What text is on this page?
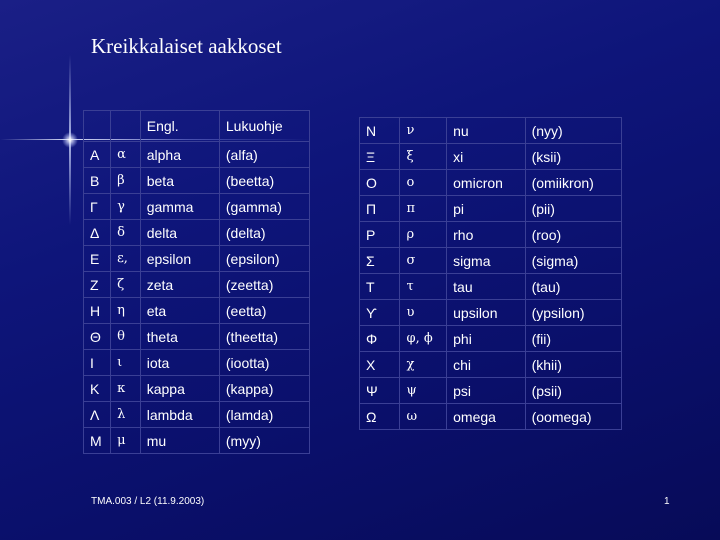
Kreikkalaiset aakkoset
		Engl.	Lukuohje
Α	α	alpha	(alfa)
Β	β	beta	(beetta)
Γ	γ	gamma	(gamma)
Δ	δ	delta	(delta)
Ε	ε,	epsilon	(epsilon)
Ζ	ζ	zeta	(zeetta)
Η	η	eta	(eetta)
Θ	θ	theta	(theetta)
Ι	ι	iota	(iootta)
Κ	κ	kappa	(kappa)
Λ	λ	lambda	(lamda)
Μ	μ	mu	(myy)
Ν	ν	nu	(nyy)
Ξ	ξ	xi	(ksii)
Ο	ο	omicron	(omiikron)
Π	π	pi	(pii)
Ρ	ρ	rho	(roo)
Σ	σ	sigma	(sigma)
Τ	τ	tau	(tau)
ϒ	υ	upsilon	(ypsilon)
Φ	φ, ϕ	phi	(fii)
Χ	χ	chi	(khii)
Ψ	ψ	psi	(psii)
Ω	ω	omega	(oomega)
TMA.003 / L2 (11.9.2003)	1
